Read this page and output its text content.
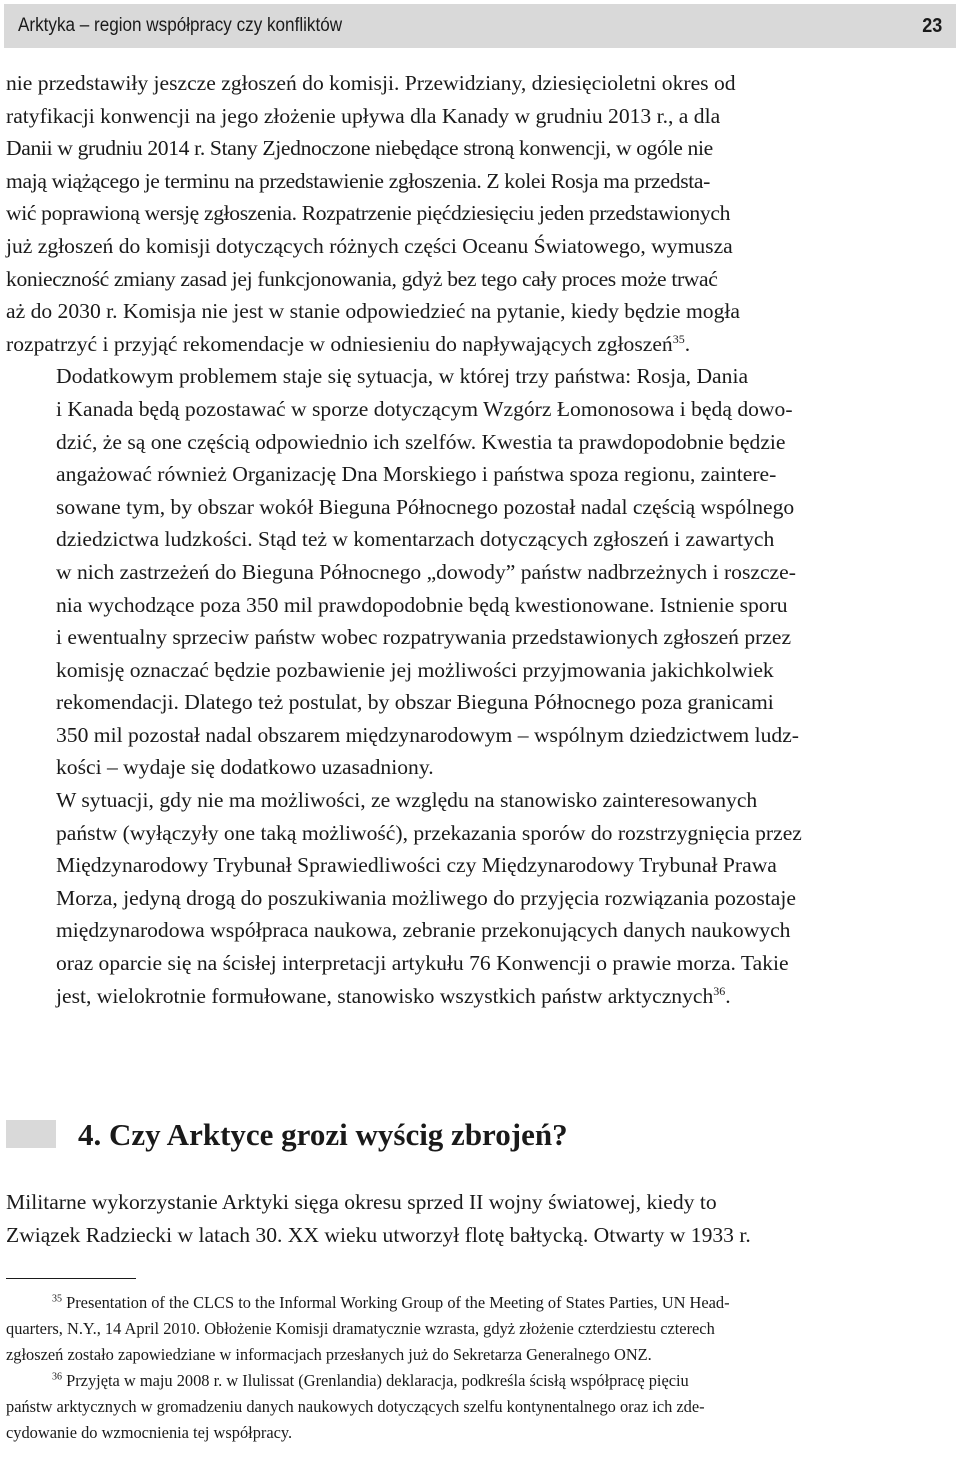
Arktyka – region współpracy czy konfliktów	23

nie przedstawiły jeszcze zgłoszeń do komisji. Przewidziany, dziesięcioletni okres od
ratyfikacji konwencji na jego złożenie upływa dla Kanady w grudniu 2013 r., a dla
Danii w grudniu 2014 r. Stany Zjednoczone niebędące stroną konwencji, w ogóle nie
mają wiążącego je terminu na przedstawienie zgłoszenia. Z kolei Rosja ma przedsta-
wić poprawioną wersję zgłoszenia. Rozpatrzenie pięćdziesięciu jeden przedstawionych
już zgłoszeń do komisji dotyczących różnych części Oceanu Światowego, wymusza
konieczność zmiany zasad jej funkcjonowania, gdyż bez tego cały proces może trwać
aż do 2030 r. Komisja nie jest w stanie odpowiedzieć na pytanie, kiedy będzie mogła
rozpatrzyć i przyjąć rekomendacje w odniesieniu do napływających zgłoszeń$^{35}$.

Dodatkowym problemem staje się sytuacja, w której trzy państwa: Rosja, Dania
i Kanada będą pozostawać w sporze dotyczącym Wzgórz Łomonosowa i będą dowo-
dzić, że są one częścią odpowiednio ich szelfów. Kwestia ta prawdopodobnie będzie
angażować również Organizację Dna Morskiego i państwa spoza regionu, zaintere-
sowane tym, by obszar wokół Bieguna Północnego pozostał nadal częścią wspólnego
dziedzictwa ludzkości. Stąd też w komentarzach dotyczących zgłoszeń i zawartych
w nich zastrzeżeń do Bieguna Północnego „dowody” państw nadbrzeżnych i roszcze-
nia wychodzące poza 350 mil prawdopodobnie będą kwestionowane. Istnienie sporu
i ewentualny sprzeciw państw wobec rozpatrywania przedstawionych zgłoszeń przez
komisję oznaczać będzie pozbawienie jej możliwości przyjmowania jakichkolwiek
rekomendacji. Dlatego też postulat, by obszar Bieguna Północnego poza granicami
350 mil pozostał nadal obszarem międzynarodowym – wspólnym dziedzictwem ludz-
kości – wydaje się dodatkowo uzasadniony.

W sytuacji, gdy nie ma możliwości, ze względu na stanowisko zainteresowanych
państw (wyłączyły one taką możliwość), przekazania sporów do rozstrzygnięcia przez
Międzynarodowy Trybunał Sprawiedliwości czy Międzynarodowy Trybunał Prawa
Morza, jedyną drogą do poszukiwania możliwego do przyjęcia rozwiązania pozostaje
międzynarodowa współpraca naukowa, zebranie przekonujących danych naukowych
oraz oparcie się na ścisłej interpretacji artykułu 76 Konwencji o prawie morza. Takie
jest, wielokrotnie formułowane, stanowisko wszystkich państw arktycznych$^{36}$.

4. Czy Arktyce grozi wyścig zbrojeń?

Militarne wykorzystanie Arktyki sięga okresu sprzed II wojny światowej, kiedy to
Związek Radziecki w latach 30. XX wieku utworzył flotę bałtycką. Otwarty w 1933 r.

$^{35}$ Presentation of the CLCS to the Informal Working Group of the Meeting of States Parties, UN Head-
quarters, N.Y., 14 April 2010. Obłożenie Komisji dramatycznie wzrasta, gdyż złożenie czterdziestu czterech
zgłoszeń zostało zapowiedziane w informacjach przesłanych już do Sekretarza Generalnego ONZ.
$^{36}$ Przyjęta w maju 2008 r. w Ilulissat (Grenlandia) deklaracja, podkreśla ścisłą współpracę pięciu
państw arktycznych w gromadzeniu danych naukowych dotyczących szelfu kontynentalnego oraz ich zde-
cydowanie do wzmocnienia tej współpracy.
